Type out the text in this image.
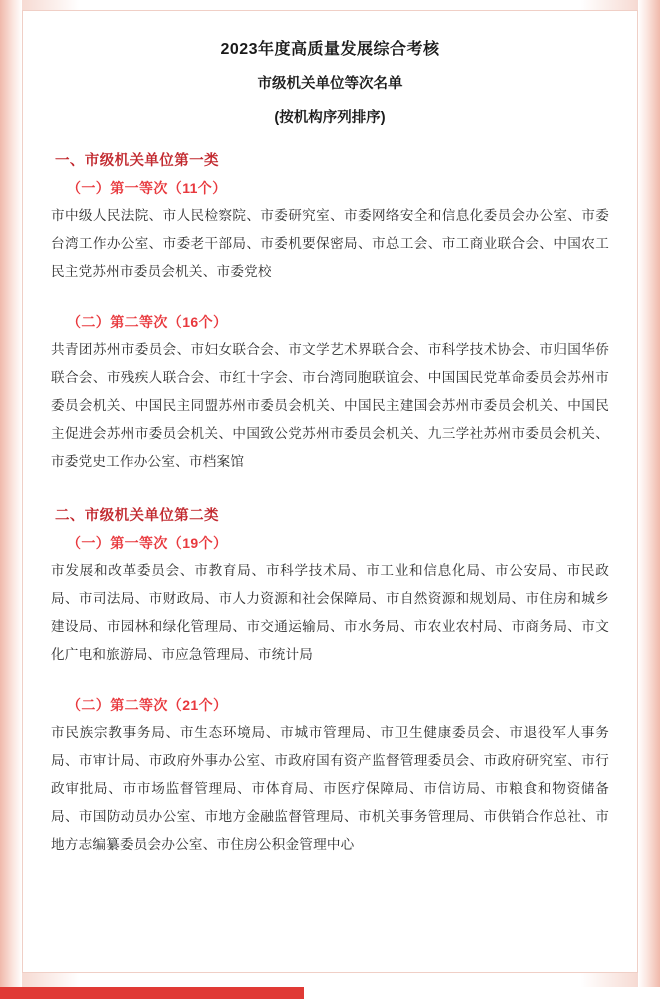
2023年度高质量发展综合考核
市级机关单位等次名单
(按机构序列排序)
一、市级机关单位第一类
（一）第一等次（11个）
市中级人民法院、市人民检察院、市委研究室、市委网络安全和信息化委员会办公室、市委台湾工作办公室、市委老干部局、市委机要保密局、市总工会、市工商业联合会、中国农工民主党苏州市委员会机关、市委党校
（二）第二等次（16个）
共青团苏州市委员会、市妇女联合会、市文学艺术界联合会、市科学技术协会、市归国华侨联合会、市残疾人联合会、市红十字会、市台湾同胞联谊会、中国国民党革命委员会苏州市委员会机关、中国民主同盟苏州市委员会机关、中国民主建国会苏州市委员会机关、中国民主促进会苏州市委员会机关、中国致公党苏州市委员会机关、九三学社苏州市委员会机关、市委党史工作办公室、市档案馆
二、市级机关单位第二类
（一）第一等次（19个）
市发展和改革委员会、市教育局、市科学技术局、市工业和信息化局、市公安局、市民政局、市司法局、市财政局、市人力资源和社会保障局、市自然资源和规划局、市住房和城乡建设局、市园林和绿化管理局、市交通运输局、市水务局、市农业农村局、市商务局、市文化广电和旅游局、市应急管理局、市统计局
（二）第二等次（21个）
市民族宗教事务局、市生态环境局、市城市管理局、市卫生健康委员会、市退役军人事务局、市审计局、市政府外事办公室、市政府国有资产监督管理委员会、市政府研究室、市行政审批局、市市场监督管理局、市体育局、市医疗保障局、市信访局、市粮食和物资储备局、市国防动员办公室、市地方金融监督管理局、市机关事务管理局、市供销合作总社、市地方志编纂委员会办公室、市住房公积金管理中心
